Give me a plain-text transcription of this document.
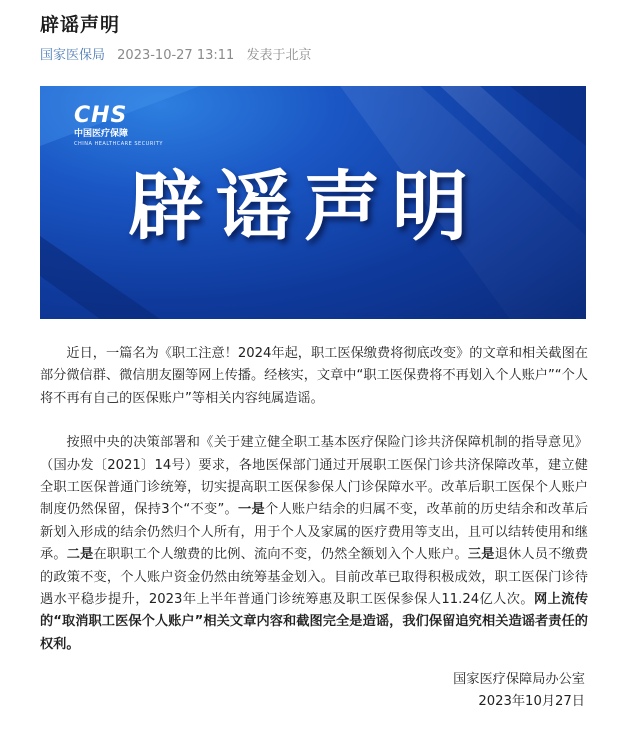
辟谣声明
国家医保局 2023-10-27 13:11 发表于北京
CHS
中国医疗保障
CHINA HEALTHCARE SECURITY
辟谣声明

近日，一篇名为《职工注意！2024年起，职工医保缴费将彻底改变》的文章和相关截图在部分微信群、微信朋友圈等网上传播。经核实，文章中“职工医保费将不再划入个人账户”“个人将不再有自己的医保账户”等相关内容纯属造谣。

按照中央的决策部署和《关于建立健全职工基本医疗保险门诊共济保障机制的指导意见》（国办发〔2021〕14号）要求，各地医保部门通过开展职工医保门诊共济保障改革，建立健全职工医保普通门诊统筹，切实提高职工医保参保人门诊保障水平。改革后职工医保个人账户制度仍然保留，保持3个“不变”。一是个人账户结余的归属不变，改革前的历史结余和改革后新划入形成的结余仍然归个人所有，用于个人及家属的医疗费用等支出，且可以结转使用和继承。二是在职职工个人缴费的比例、流向不变，仍然全额划入个人账户。三是退休人员不缴费的政策不变，个人账户资金仍然由统筹基金划入。目前改革已取得积极成效，职工医保门诊待遇水平稳步提升，2023年上半年普通门诊统筹惠及职工医保参保人11.24亿人次。网上流传的“取消职工医保个人账户”相关文章内容和截图完全是造谣，我们保留追究相关造谣者责任的权利。

国家医疗保障局办公室
2023年10月27日
